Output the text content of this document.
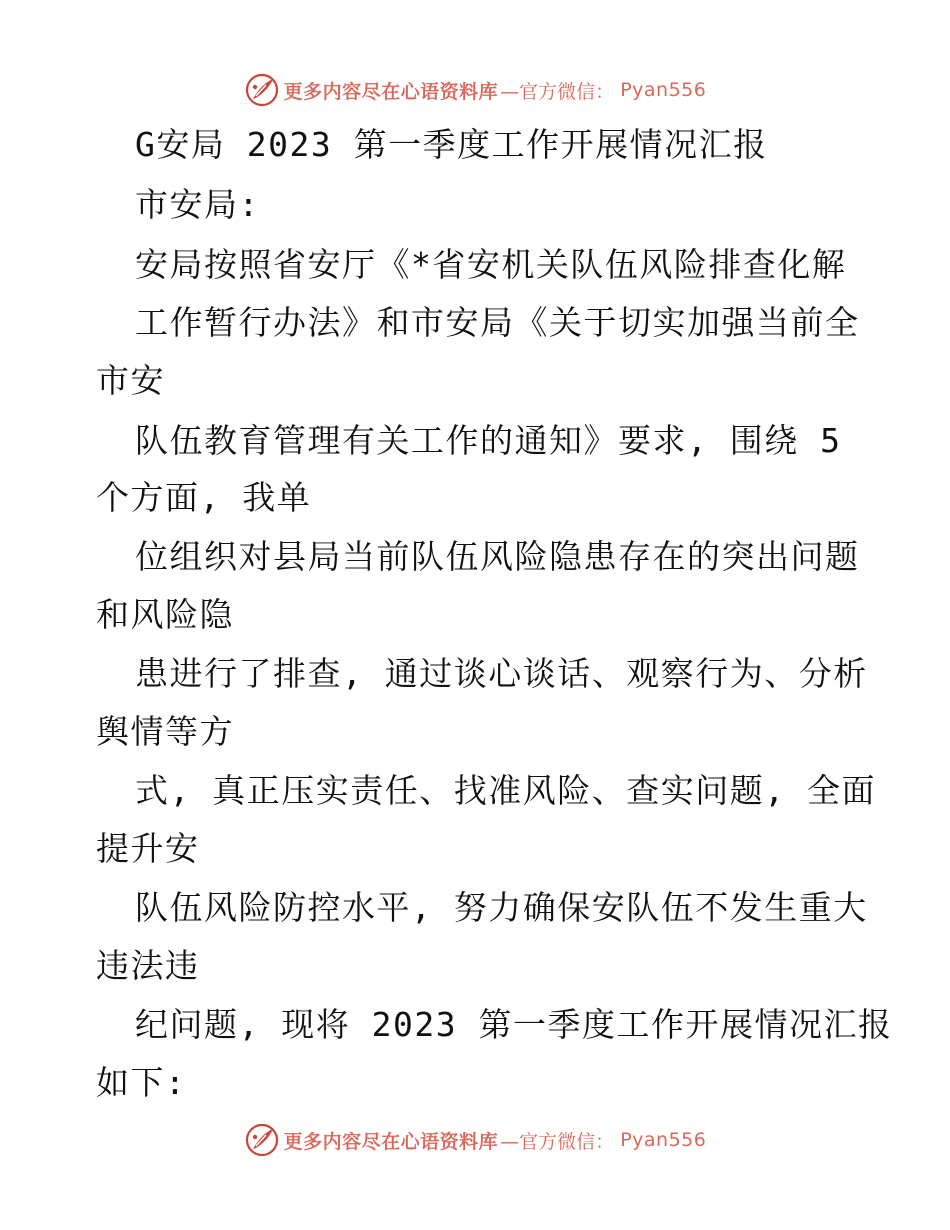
更多内容尽在心语资料库 —官方微信： Pyan556
G安局 2023 第一季度工作开展情况汇报
市安局:
安局按照省安厅《*省安机关队伍风险排查化解
工作暂行办法》和市安局《关于切实加强当前全
市安
队伍教育管理有关工作的通知》要求, 围绕 5
个方面, 我单
位组织对县局当前队伍风险隐患存在的突出问题
和风险隐
患进行了排查, 通过谈心谈话、观察行为、分析
舆情等方
式, 真正压实责任、找准风险、查实问题, 全面
提升安
队伍风险防控水平, 努力确保安队伍不发生重大
违法违
纪问题, 现将 2023 第一季度工作开展情况汇报
如下:
更多内容尽在心语资料库 —官方微信： Pyan556
